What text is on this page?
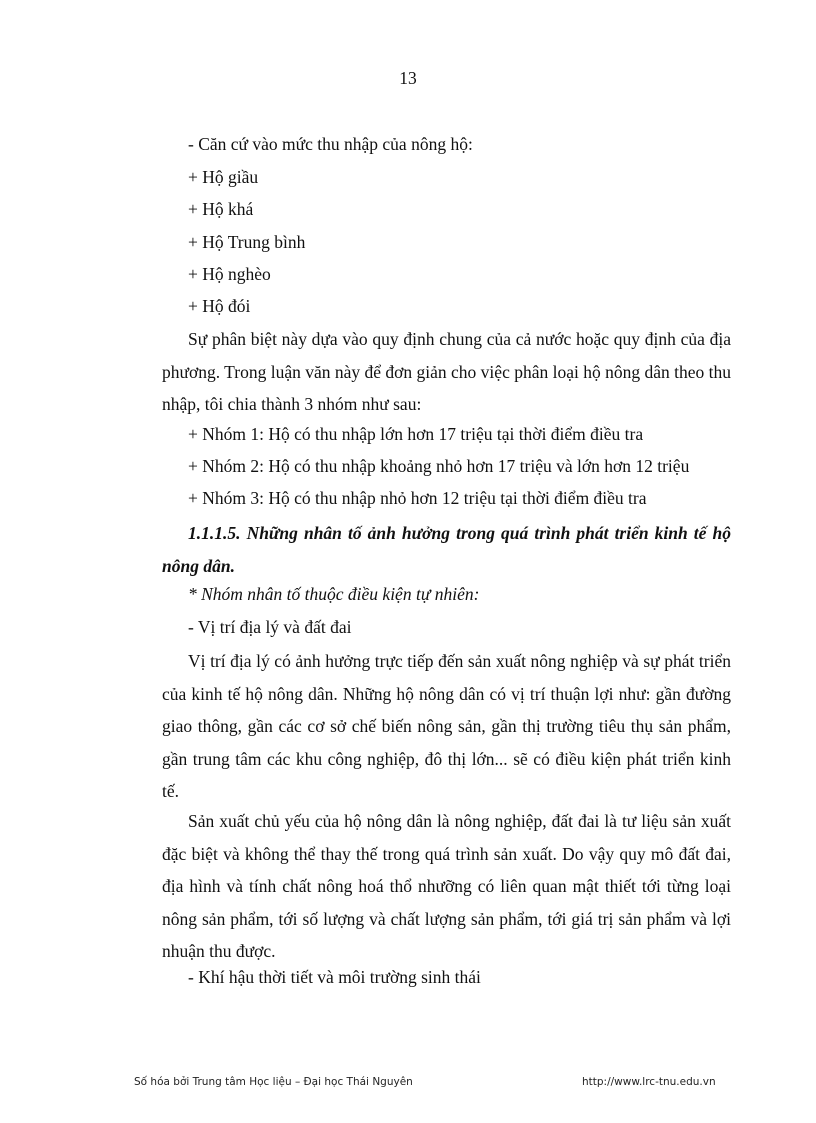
13
- Căn cứ vào mức thu nhập của nông hộ:
+ Hộ giầu
+ Hộ khá
+ Hộ Trung bình
+ Hộ nghèo
+ Hộ đói
Sự phân biệt này dựa vào quy định chung của cả nước hoặc quy định của địa phương. Trong luận văn này để đơn giản cho việc phân loại hộ nông dân theo thu nhập, tôi chia thành 3 nhóm như sau:
+ Nhóm 1: Hộ có thu nhập lớn hơn 17 triệu tại thời điểm điều tra
+ Nhóm 2: Hộ có thu nhập khoảng nhỏ hơn 17 triệu và lớn hơn 12 triệu
+ Nhóm 3: Hộ có thu nhập nhỏ hơn 12 triệu tại thời điểm điều tra
1.1.1.5. Những nhân tố ảnh hưởng trong quá trình phát triển kinh tế hộ nông dân.
* Nhóm nhân tố thuộc điều kiện tự nhiên:
- Vị trí địa lý và đất đai
Vị trí địa lý có ảnh hưởng trực tiếp đến sản xuất nông nghiệp và sự phát triển của kinh tế hộ nông dân. Những hộ nông dân có vị trí thuận lợi như: gần đường giao thông, gần các cơ sở chế biến nông sản, gần thị trường tiêu thụ sản phẩm, gần trung tâm các khu công nghiệp, đô thị lớn... sẽ có điều kiện phát triển kinh tế.
Sản xuất chủ yếu của hộ nông dân là nông nghiệp, đất đai là tư liệu sản xuất đặc biệt và không thể thay thế trong quá trình sản xuất. Do vậy quy mô đất đai, địa hình và tính chất nông hoá thổ nhưỡng có liên quan mật thiết tới từng loại nông sản phẩm, tới số lượng và chất lượng sản phẩm, tới giá trị sản phẩm và lợi nhuận thu được.
- Khí hậu thời tiết và môi trường sinh thái
Số hóa bởi Trung tâm Học liệu – Đại học Thái Nguyên	http://www.lrc-tnu.edu.vn
